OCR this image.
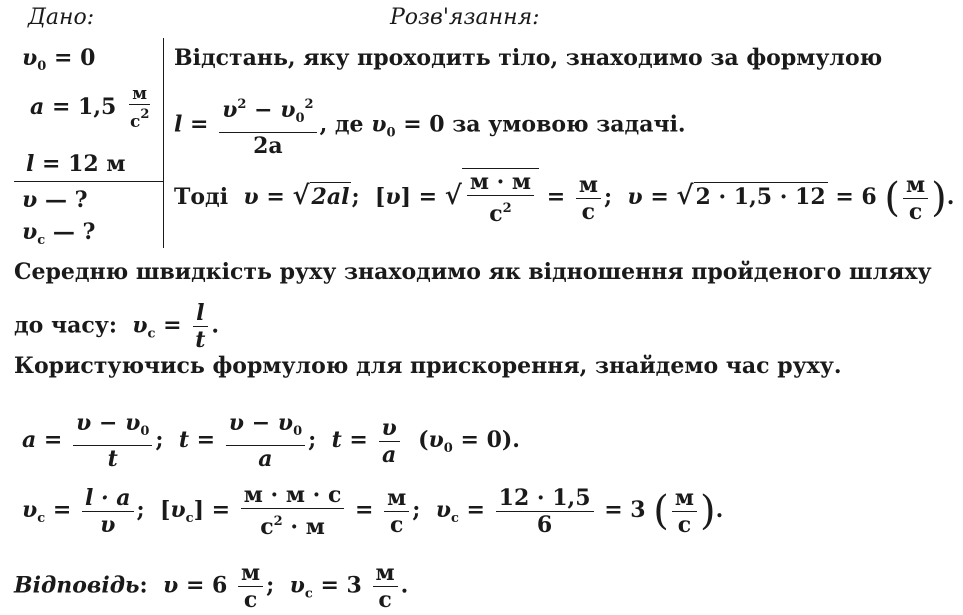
Дано:	Розв'язання:
$\upsilon_0 = 0$
a = 1,5 м
$с^2$
l = 12 м
υ — ?
$\upsilon_с$ — ?
Відстань, яку проходить тіло, знаходимо за формулою
$l = \frac{\upsilon^2 - \upsilon_0^2}{2a}$ , де $\upsilon_0 = 0$ за умовою задачі.
Тоді υ = √2al;  [υ] = √ м · м
$с^2 = м$
с
;  υ = √2 · 1,5 · 12 = 6 ( м
с ).
Середню швидкість руху знаходимо як відношення пройденого шляху
до часу: $\upsilon_с = \frac{l}{t}$ .
Користуючись формулою для прискорення, знайдемо час руху.
$a = \frac{\upsilon - \upsilon_0}{t}$ ;  $t = \frac{\upsilon - \upsilon_0}{a}$ ;  $t = \frac{\upsilon}{a} (\upsilon_0 = 0)$.
$\upsilon_с = \frac{l \cdot a}{\upsilon}$ ;  $[\upsilon_с]$ =
м · м · с
$с^2 \cdot м$
= м
с
;  $\upsilon_с = \frac{12 \cdot 1,5}{6} = 3$ ( м
с ).
Відповідь:  υ = 6 м
с
;  $\upsilon_с = 3$ м
с
.
